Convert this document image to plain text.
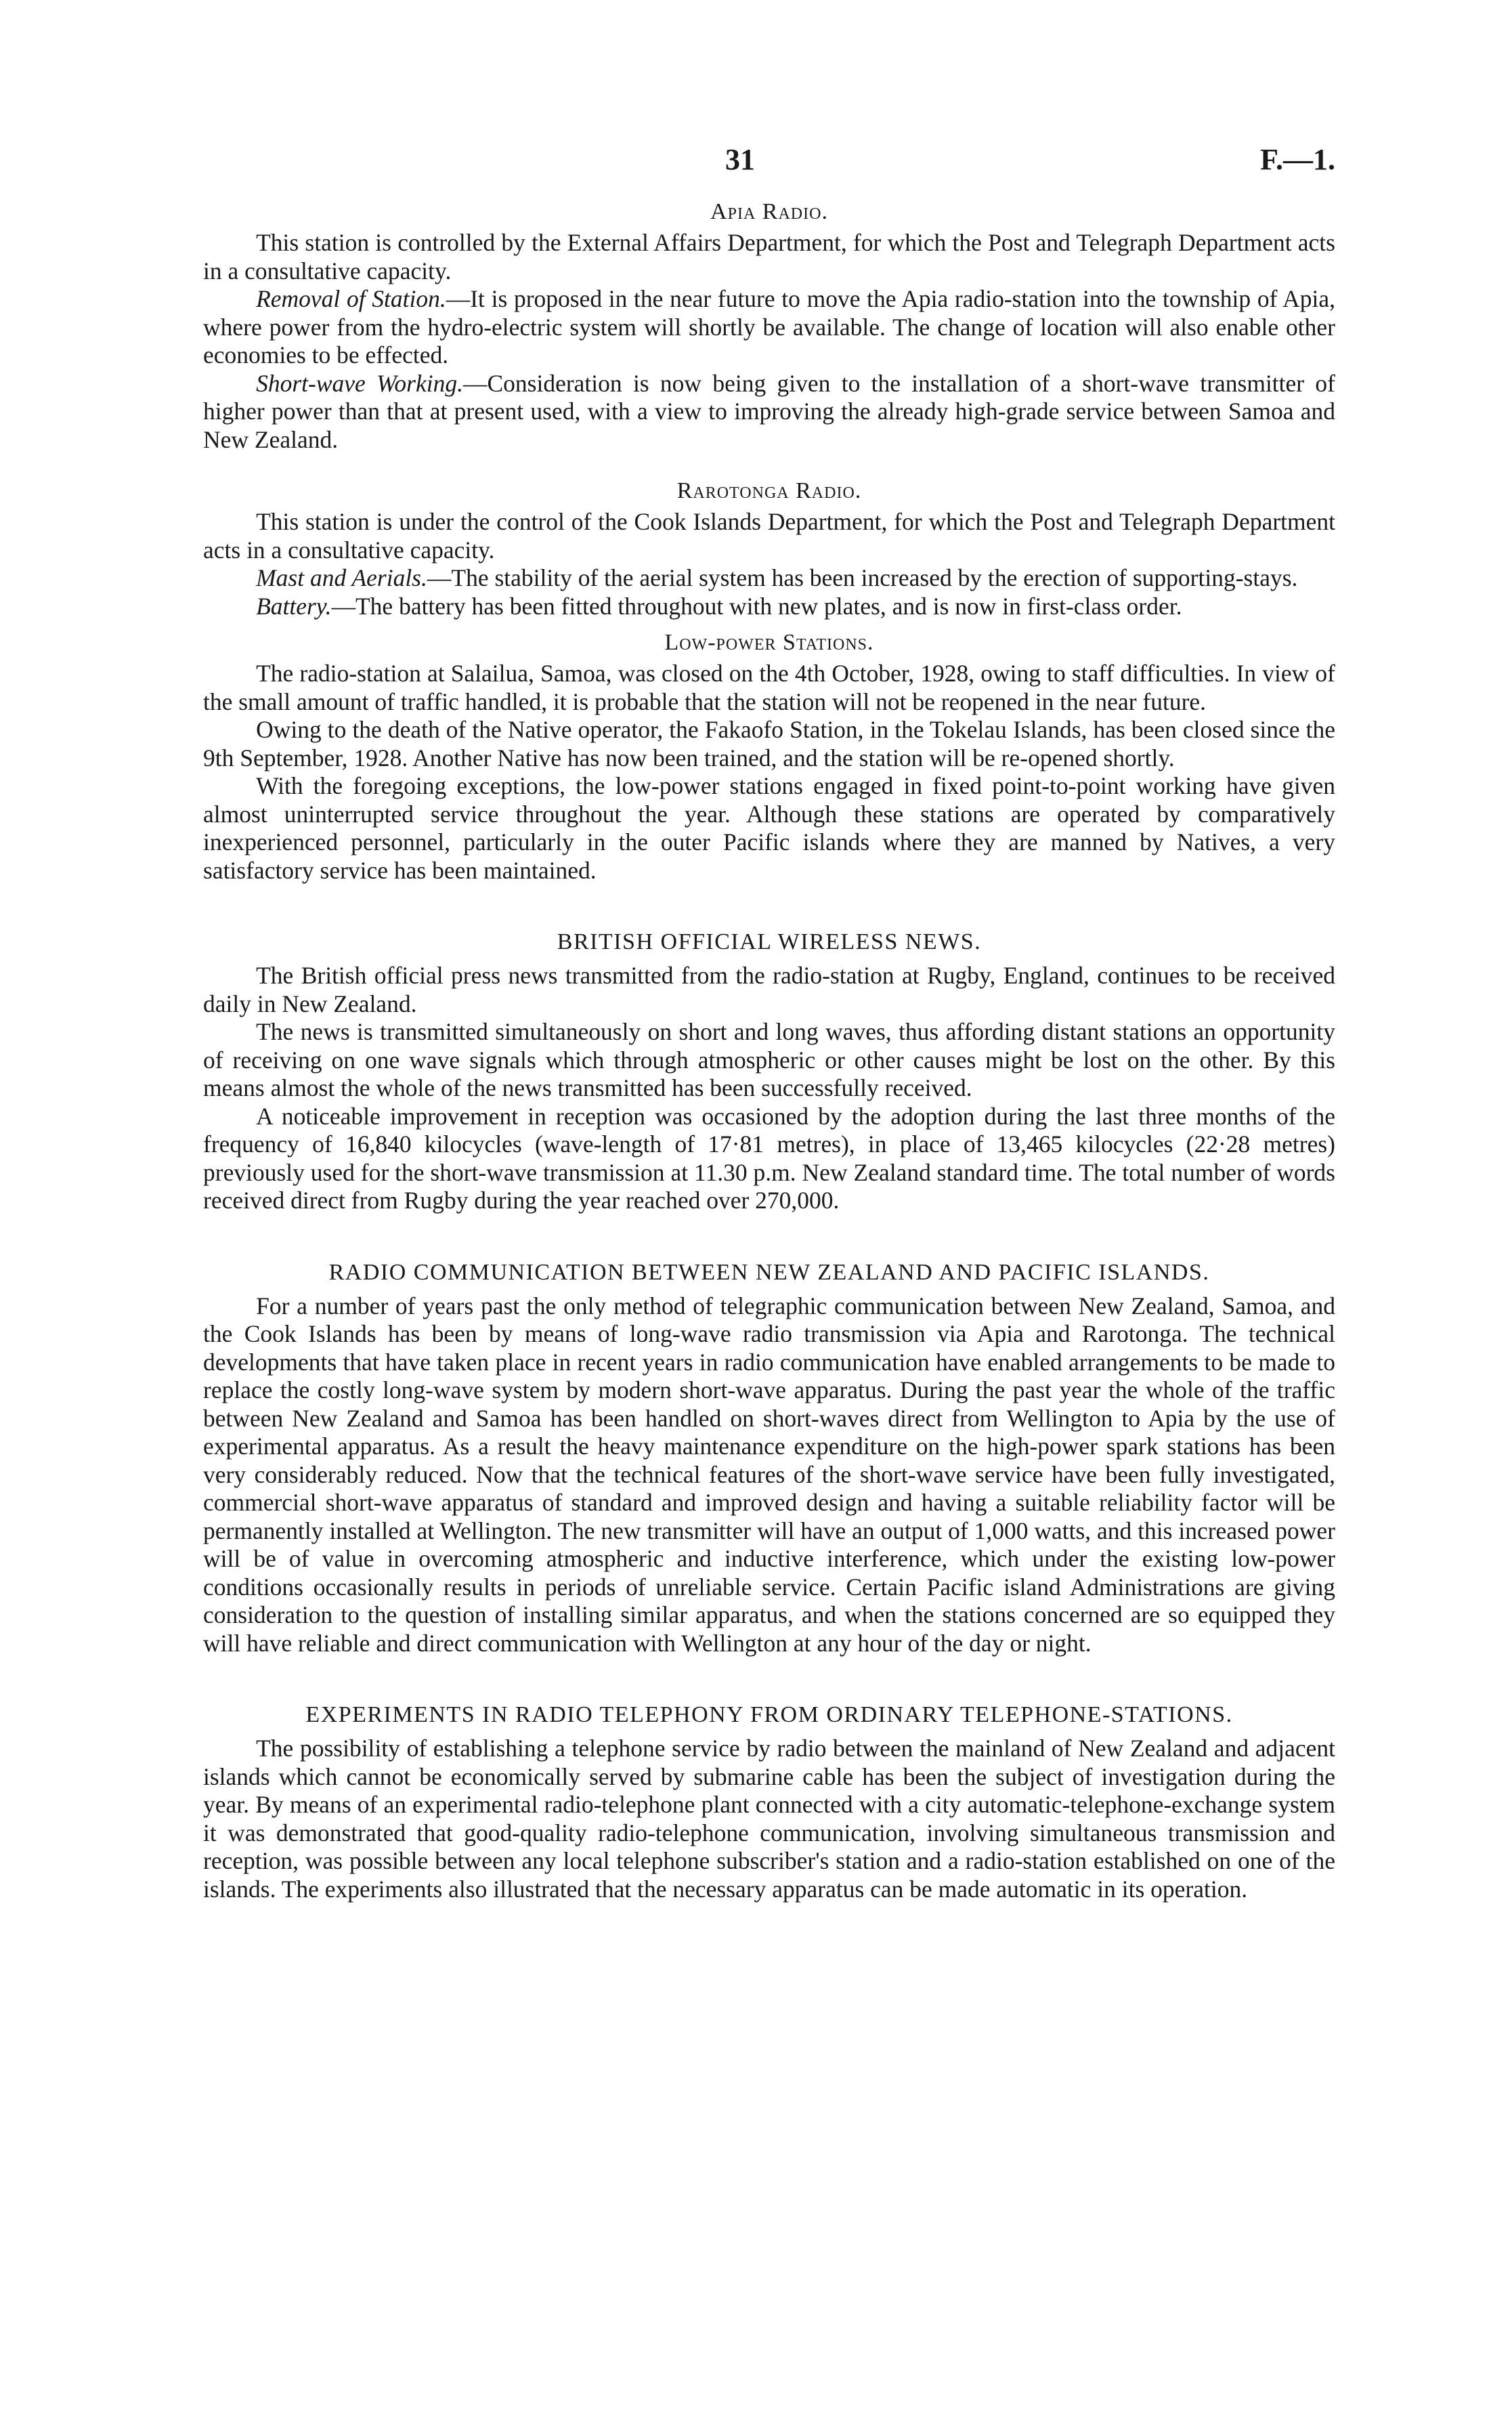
31	F.—1.
Apia Radio.

This station is controlled by the External Affairs Department, for which the Post and Telegraph Department acts in a consultative capacity.

Removal of Station.—It is proposed in the near future to move the Apia radio-station into the township of Apia, where power from the hydro-electric system will shortly be available. The change of location will also enable other economies to be effected.

Short-wave Working.—Consideration is now being given to the installation of a short-wave transmitter of higher power than that at present used, with a view to improving the already high-grade service between Samoa and New Zealand.

Rarotonga Radio.

This station is under the control of the Cook Islands Department, for which the Post and Telegraph Department acts in a consultative capacity.

Mast and Aerials.—The stability of the aerial system has been increased by the erection of supporting-stays.

Battery.—The battery has been fitted throughout with new plates, and is now in first-class order.

Low-power Stations.

The radio-station at Salailua, Samoa, was closed on the 4th October, 1928, owing to staff difficulties. In view of the small amount of traffic handled, it is probable that the station will not be reopened in the near future.

Owing to the death of the Native operator, the Fakaofo Station, in the Tokelau Islands, has been closed since the 9th September, 1928. Another Native has now been trained, and the station will be re-opened shortly.

With the foregoing exceptions, the low-power stations engaged in fixed point-to-point working have given almost uninterrupted service throughout the year. Although these stations are operated by comparatively inexperienced personnel, particularly in the outer Pacific islands where they are manned by Natives, a very satisfactory service has been maintained.

BRITISH OFFICIAL WIRELESS NEWS.

The British official press news transmitted from the radio-station at Rugby, England, continues to be received daily in New Zealand.

The news is transmitted simultaneously on short and long waves, thus affording distant stations an opportunity of receiving on one wave signals which through atmospheric or other causes might be lost on the other. By this means almost the whole of the news transmitted has been successfully received.

A noticeable improvement in reception was occasioned by the adoption during the last three months of the frequency of 16,840 kilocycles (wave-length of 17·81 metres), in place of 13,465 kilocycles (22·28 metres) previously used for the short-wave transmission at 11.30 p.m. New Zealand standard time. The total number of words received direct from Rugby during the year reached over 270,000.

RADIO COMMUNICATION BETWEEN NEW ZEALAND AND PACIFIC ISLANDS.

For a number of years past the only method of telegraphic communication between New Zealand, Samoa, and the Cook Islands has been by means of long-wave radio transmission via Apia and Rarotonga. The technical developments that have taken place in recent years in radio communication have enabled arrangements to be made to replace the costly long-wave system by modern short-wave apparatus. During the past year the whole of the traffic between New Zealand and Samoa has been handled on short-waves direct from Wellington to Apia by the use of experimental apparatus. As a result the heavy maintenance expenditure on the high-power spark stations has been very considerably reduced. Now that the technical features of the short-wave service have been fully investigated, commercial short-wave apparatus of standard and improved design and having a suitable reliability factor will be permanently installed at Wellington. The new transmitter will have an output of 1,000 watts, and this increased power will be of value in overcoming atmospheric and inductive interference, which under the existing low-power conditions occasionally results in periods of unreliable service. Certain Pacific island Administrations are giving consideration to the question of installing similar apparatus, and when the stations concerned are so equipped they will have reliable and direct communication with Wellington at any hour of the day or night.

EXPERIMENTS IN RADIO TELEPHONY FROM ORDINARY TELEPHONE-STATIONS.

The possibility of establishing a telephone service by radio between the mainland of New Zealand and adjacent islands which cannot be economically served by submarine cable has been the subject of investigation during the year. By means of an experimental radio-telephone plant connected with a city automatic-telephone-exchange system it was demonstrated that good-quality radio-telephone communication, involving simultaneous transmission and reception, was possible between any local telephone subscriber's station and a radio-station established on one of the islands. The experiments also illustrated that the necessary apparatus can be made automatic in its operation.
